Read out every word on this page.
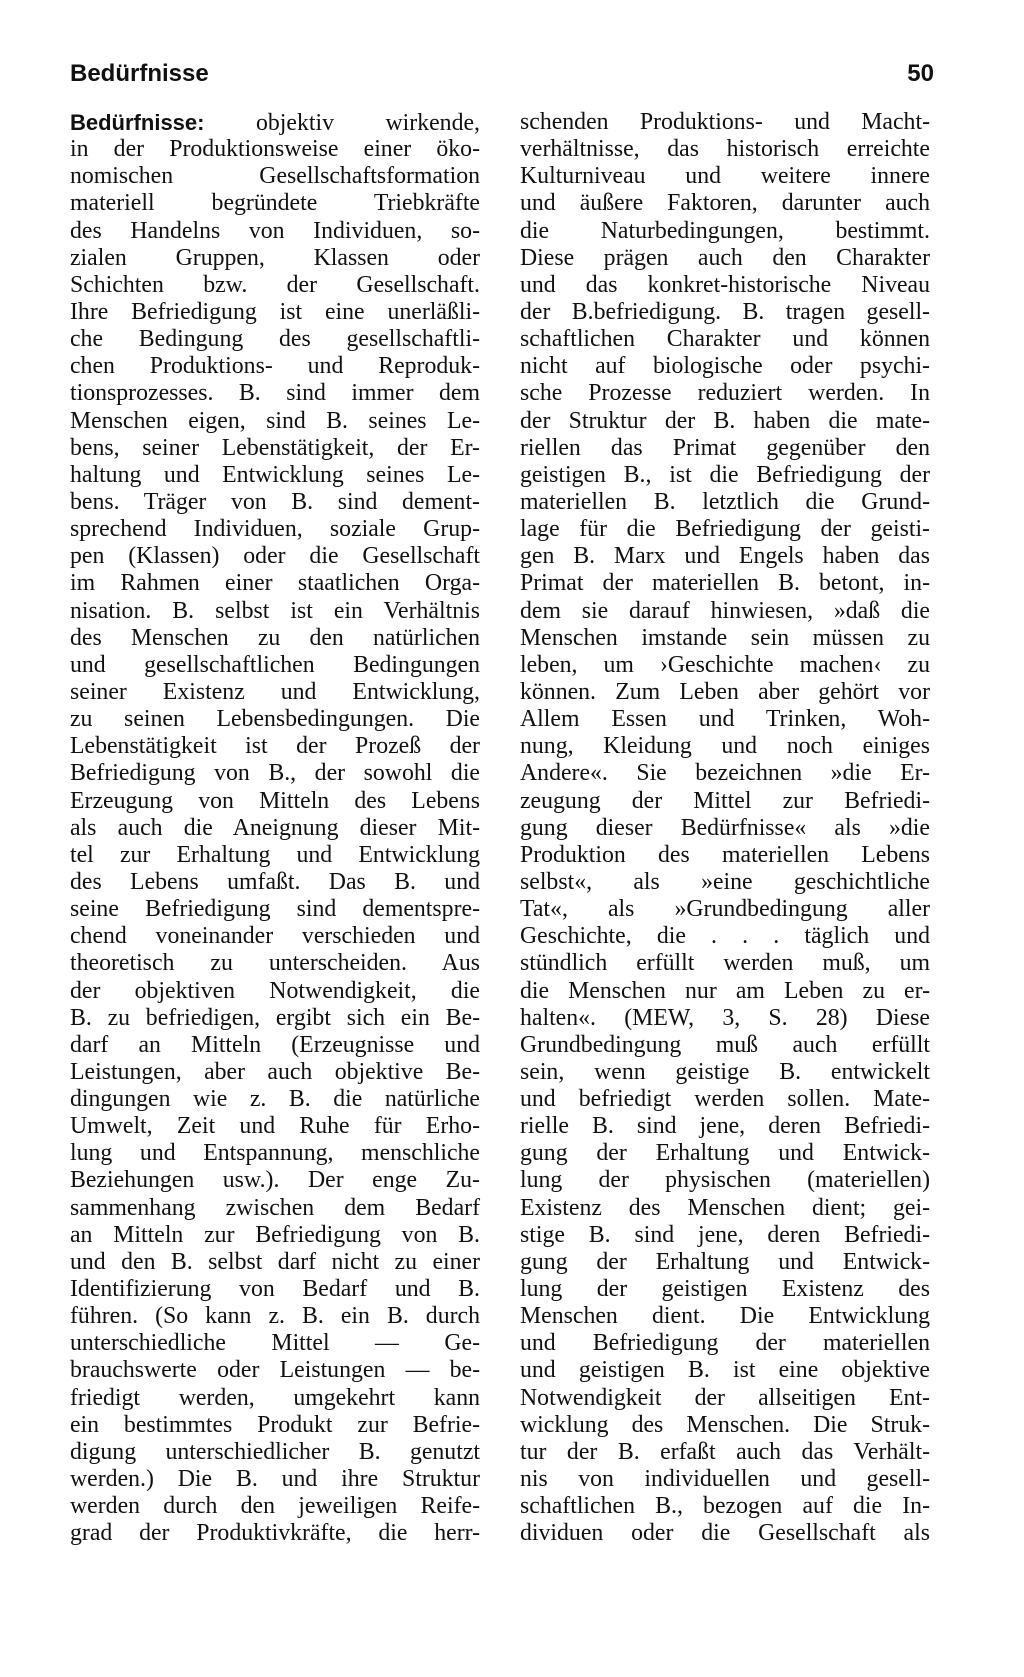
Bedürfnisse	50
Bedürfnisse: objektiv wirkende,
in der Produktionsweise einer öko-
nomischen Gesellschaftsformation
materiell begründete Triebkräfte
des Handelns von Individuen, so-
zialen Gruppen, Klassen oder
Schichten bzw. der Gesellschaft.
Ihre Befriedigung ist eine unerläßli-
che Bedingung des gesellschaftli-
chen Produktions- und Reproduk-
tionsprozesses. B. sind immer dem
Menschen eigen, sind B. seines Le-
bens, seiner Lebenstätigkeit, der Er-
haltung und Entwicklung seines Le-
bens. Träger von B. sind dement-
sprechend Individuen, soziale Grup-
pen (Klassen) oder die Gesellschaft
im Rahmen einer staatlichen Orga-
nisation. B. selbst ist ein Verhältnis
des Menschen zu den natürlichen
und gesellschaftlichen Bedingungen
seiner Existenz und Entwicklung,
zu seinen Lebensbedingungen. Die
Lebenstätigkeit ist der Prozeß der
Befriedigung von B., der sowohl die
Erzeugung von Mitteln des Lebens
als auch die Aneignung dieser Mit-
tel zur Erhaltung und Entwicklung
des Lebens umfaßt. Das B. und
seine Befriedigung sind dementspre-
chend voneinander verschieden und
theoretisch zu unterscheiden. Aus
der objektiven Notwendigkeit, die
B. zu befriedigen, ergibt sich ein Be-
darf an Mitteln (Erzeugnisse und
Leistungen, aber auch objektive Be-
dingungen wie z. B. die natürliche
Umwelt, Zeit und Ruhe für Erho-
lung und Entspannung, menschliche
Beziehungen usw.). Der enge Zu-
sammenhang zwischen dem Bedarf
an Mitteln zur Befriedigung von B.
und den B. selbst darf nicht zu einer
Identifizierung von Bedarf und B.
führen. (So kann z. B. ein B. durch
unterschiedliche Mittel — Ge-
brauchswerte oder Leistungen — be-
friedigt werden, umgekehrt kann
ein bestimmtes Produkt zur Befrie-
digung unterschiedlicher B. genutzt
werden.) Die B. und ihre Struktur
werden durch den jeweiligen Reife-
grad der Produktivkräfte, die herr-
schenden Produktions- und Macht-
verhältnisse, das historisch erreichte
Kulturniveau und weitere innere
und äußere Faktoren, darunter auch
die Naturbedingungen, bestimmt.
Diese prägen auch den Charakter
und das konkret-historische Niveau
der B.befriedigung. B. tragen gesell-
schaftlichen Charakter und können
nicht auf biologische oder psychi-
sche Prozesse reduziert werden. In
der Struktur der B. haben die mate-
riellen das Primat gegenüber den
geistigen B., ist die Befriedigung der
materiellen B. letztlich die Grund-
lage für die Befriedigung der geisti-
gen B. Marx und Engels haben das
Primat der materiellen B. betont, in-
dem sie darauf hinwiesen, »daß die
Menschen imstande sein müssen zu
leben, um ›Geschichte machen‹ zu
können. Zum Leben aber gehört vor
Allem Essen und Trinken, Woh-
nung, Kleidung und noch einiges
Andere«. Sie bezeichnen »die Er-
zeugung der Mittel zur Befriedi-
gung dieser Bedürfnisse« als »die
Produktion des materiellen Lebens
selbst«, als »eine geschichtliche
Tat«, als »Grundbedingung aller
Geschichte, die . . . täglich und
stündlich erfüllt werden muß, um
die Menschen nur am Leben zu er-
halten«. (MEW, 3, S. 28) Diese
Grundbedingung muß auch erfüllt
sein, wenn geistige B. entwickelt
und befriedigt werden sollen. Mate-
rielle B. sind jene, deren Befriedi-
gung der Erhaltung und Entwick-
lung der physischen (materiellen)
Existenz des Menschen dient; gei-
stige B. sind jene, deren Befriedi-
gung der Erhaltung und Entwick-
lung der geistigen Existenz des
Menschen dient. Die Entwicklung
und Befriedigung der materiellen
und geistigen B. ist eine objektive
Notwendigkeit der allseitigen Ent-
wicklung des Menschen. Die Struk-
tur der B. erfaßt auch das Verhält-
nis von individuellen und gesell-
schaftlichen B., bezogen auf die In-
dividuen oder die Gesellschaft als
